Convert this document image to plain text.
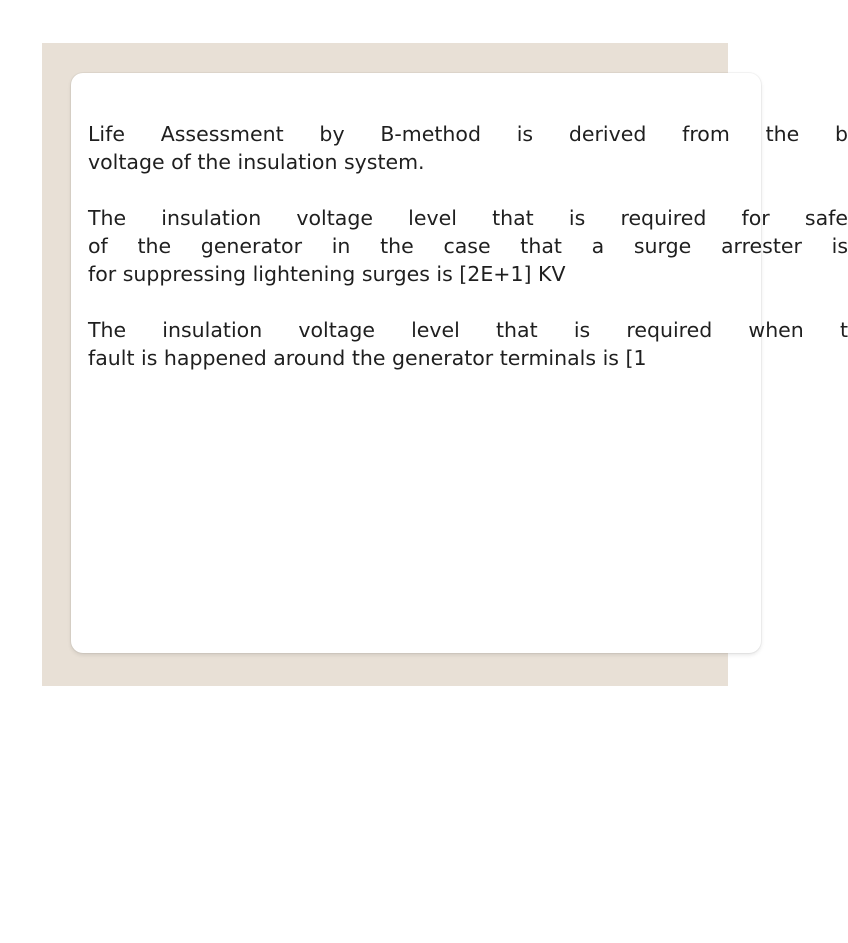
Life Assessment by B-method is derived from the b
voltage of the insulation system.

The insulation voltage level that is required for safe
of the generator in the case that a surge arrester is
for suppressing lightening surges is [2E+1] KV

The insulation voltage level that is required when t
fault is happened around the generator terminals is [1
